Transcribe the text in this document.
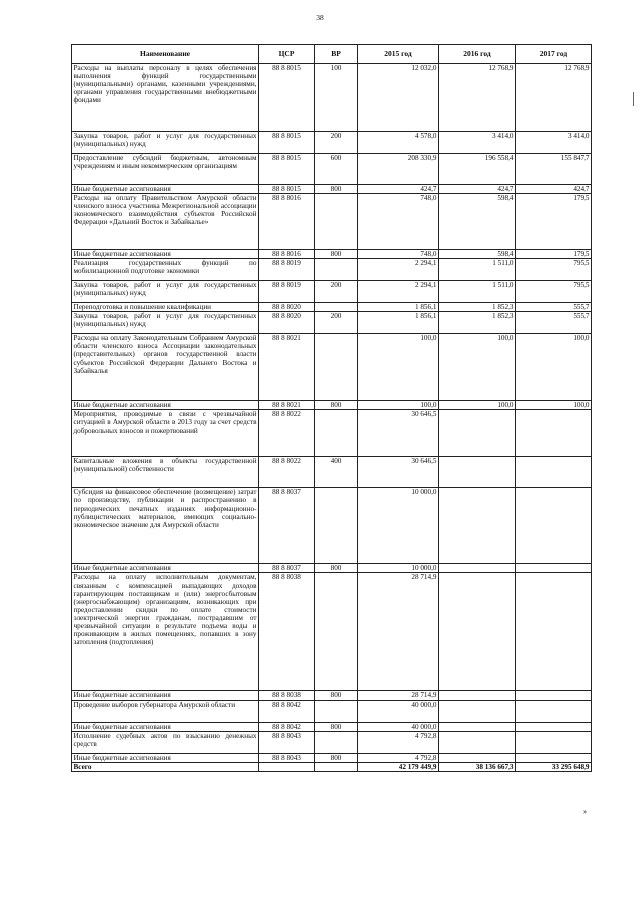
38
Наименование	ЦСР	ВР	2015 год	2016 год	2017 год
Расходы на выплаты персоналу в целях обеспечения выполнения функций государственными (муниципальными) органами, казенными учреждениями, органами управления государственными внебюджетными фондами	88 8 8015	100	12 032,0	12 768,9	12 768,9
Закупка товаров, работ и услуг для государственных (муниципальных) нужд	88 8 8015	200	4 578,0	3 414,0	3 414,0
Предоставление субсидий бюджетным, автономным учреждениям и иным некоммерческим организациям	88 8 8015	600	208 330,9	196 558,4	155 847,7
Иные бюджетные ассигнования	88 8 8015	800	424,7	424,7	424,7
Расходы на оплату Правительством Амурской области членского взноса участника Межрегиональной ассоциации экономического взаимодействия субъектов Российской Федерации «Дальний Восток и Забайкалье»	88 8 8016		748,0	598,4	179,5
Иные бюджетные ассигнования	88 8 8016	800	748,0	598,4	179,5
Реализация государственных функций по мобилизационной подготовке экономики	88 8 8019		2 294,1	1 511,0	795,5
Закупка товаров, работ и услуг для государственных (муниципальных) нужд	88 8 8019	200	2 294,1	1 511,0	795,5
Переподготовка и повышение квалификации	88 8 8020		1 856,1	1 852,3	555,7
Закупка товаров, работ и услуг для государственных (муниципальных) нужд	88 8 8020	200	1 856,1	1 852,3	555,7
Расходы на оплату Законодательным Собранием Амурской области членского взноса Ассоциации законодательных (представительных) органов государственной власти субъектов Российской Федерации Дальнего Востока и Забайкалья	88 8 8021		100,0	100,0	100,0
Иные бюджетные ассигнования	88 8 8021	800	100,0	100,0	100,0
Мероприятия, проводимые в связи с чрезвычайной ситуацией в Амурской области в 2013 году за счет средств добровольных взносов и пожертвований	88 8 8022		30 646,5		
Капитальные вложения в объекты государственной (муниципальной) собственности	88 8 8022	400	30 646,5		
Субсидия на финансовое обеспечение (возмещение) затрат по производству, публикации и распространению в периодических печатных изданиях информационно-публицистических материалов, имеющих социально-экономическое значение для Амурской области	88 8 8037		10 000,0		
Иные бюджетные ассигнования	88 8 8037	800	10 000,0		
Расходы на оплату исполнительным документам, связанным с компенсацией выпадающих доходов гарантирующим поставщикам и (или) энергосбытовым (энергоснабжающим) организациям, возникающих при предоставлении скидки по оплате стоимости электрической энергии гражданам, пострадавшим от чрезвычайной ситуации в результате подъема воды и проживающим в жилых помещениях, попавших в зону затопления (подтопления)	88 8 8038		28 714,9		
Иные бюджетные ассигнования	88 8 8038	800	28 714,9		
Проведение выборов губернатора Амурской области	88 8 8042		40 000,0		
Иные бюджетные ассигнования	88 8 8042	800	40 000,0		
Исполнение судебных актов по взысканию денежных средств	88 8 8043		4 792,8		
Иные бюджетные ассигнования	88 8 8043	800	4 792,8		
Всего			42 179 449,9	38 136 667,3	33 295 648,9
»
